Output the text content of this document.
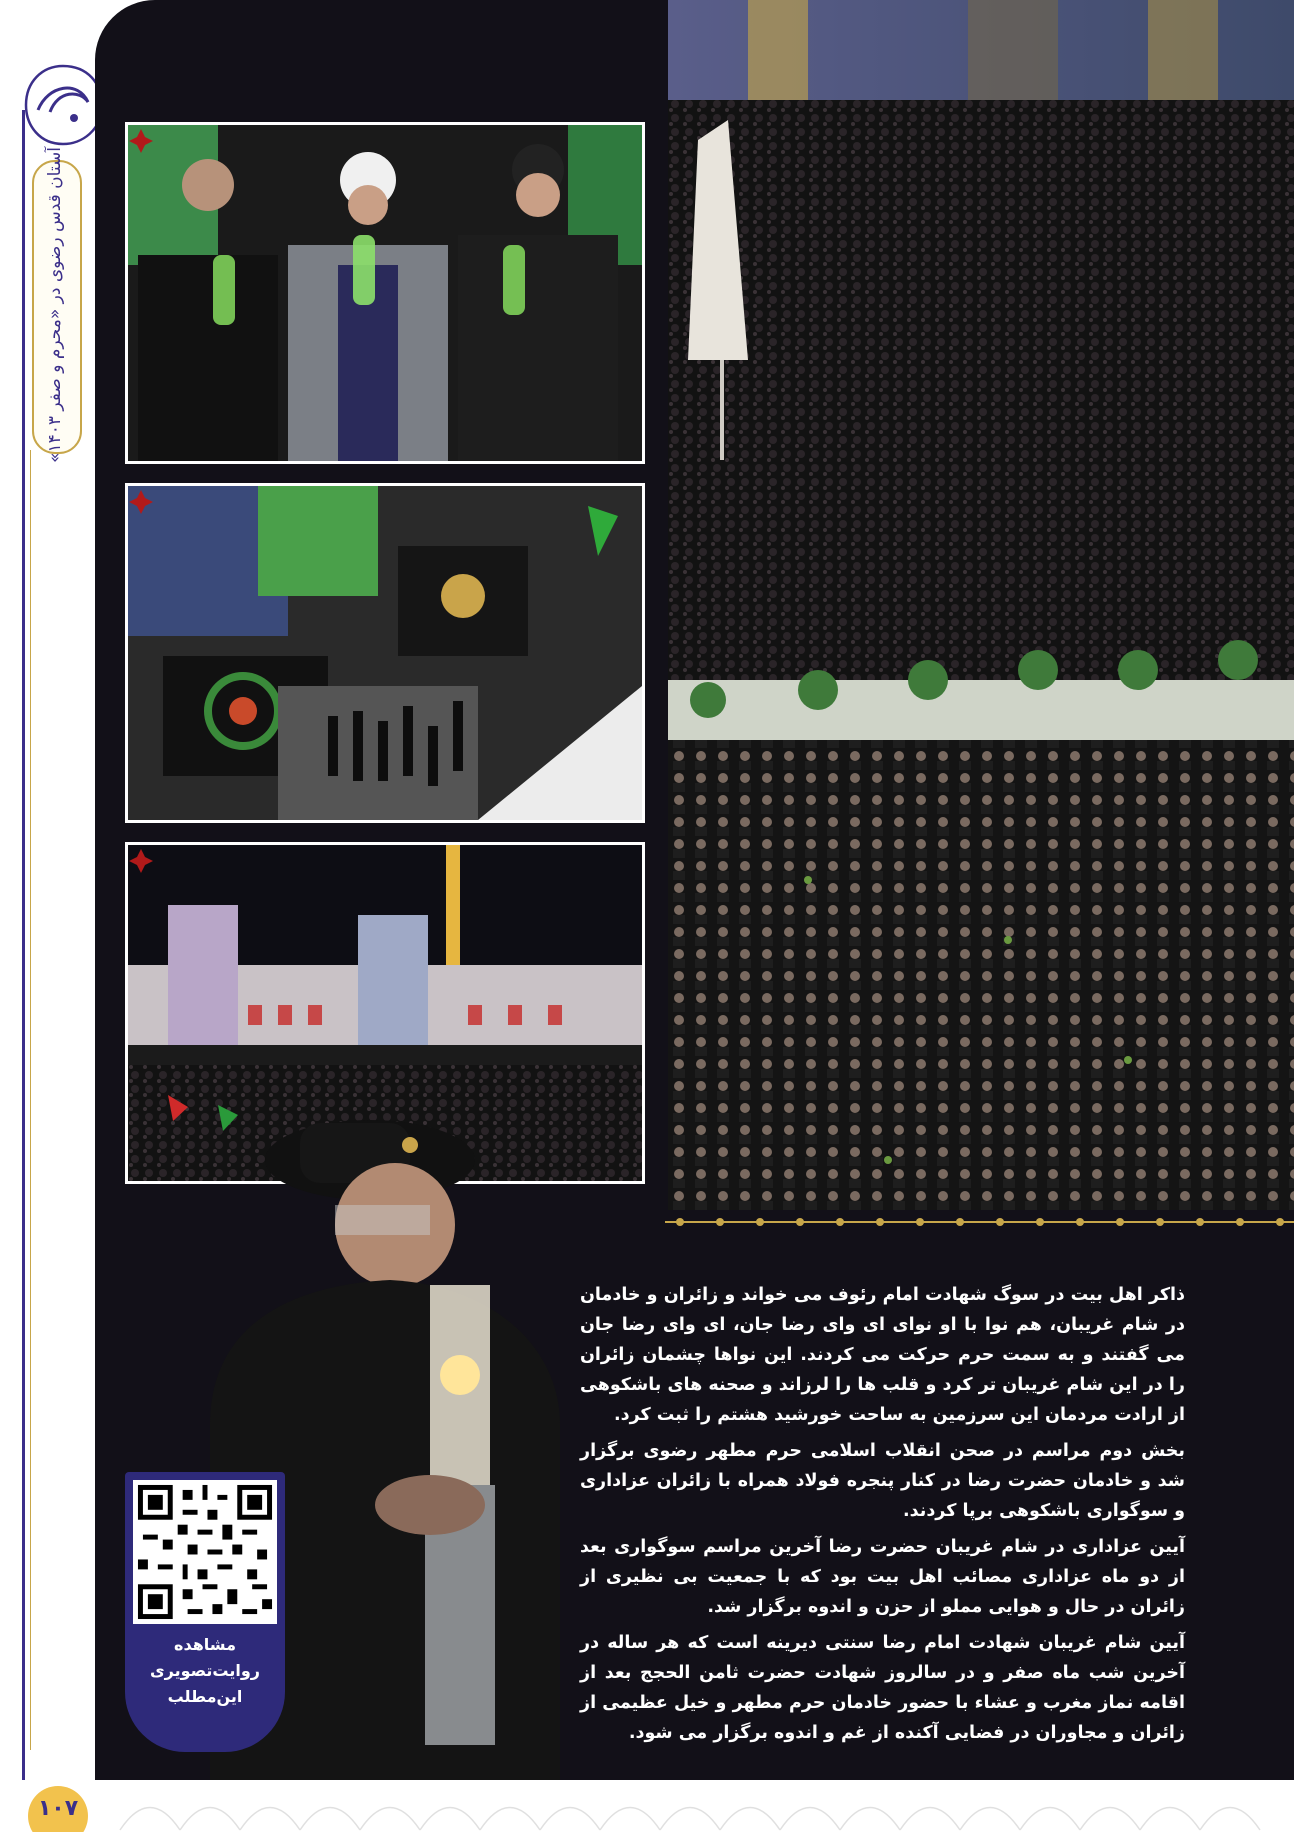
آستان قدس رضوی در «محرم و صفر ۱۴۰۳»
مشاهده
روایت‌تصویری
این‌مطلب

ذاکر اهل بیت در سوگ شهادت امام رئوف می خواند و زائران و خادمان در شام غریبان، هم نوا با او نوای ای وای رضا جان، ای وای رضا جان می گفتند و به سمت حرم حرکت می کردند. این نواها چشمان زائران را در این شام غریبان تر کرد و قلب ها را لرزاند و صحنه های باشکوهی از ارادت مردمان این سرزمین به ساحت خورشید هشتم را ثبت کرد.

بخش دوم مراسم در صحن انقلاب اسلامی حرم مطهر رضوی برگزار شد و خادمان حضرت رضا در کنار پنجره فولاد همراه با زائران عزاداری و سوگواری باشکوهی برپا کردند.

آیین عزاداری در شام غریبان حضرت رضا آخرین مراسم سوگواری بعد از دو ماه عزاداری مصائب اهل بیت بود که با جمعیت بی نظیری از زائران در حال و هوایی مملو از حزن و اندوه برگزار شد.

آیین شام غریبان شهادت امام رضا سنتی دیرینه است که هر ساله در آخرین شب ماه صفر و در سالروز شهادت حضرت ثامن الحجج بعد از اقامه نماز مغرب و عشاء با حضور خادمان حرم مطهر و خیل عظیمی از زائران و مجاوران در فضایی آکنده از غم و اندوه برگزار می شود.

۱۰۷
